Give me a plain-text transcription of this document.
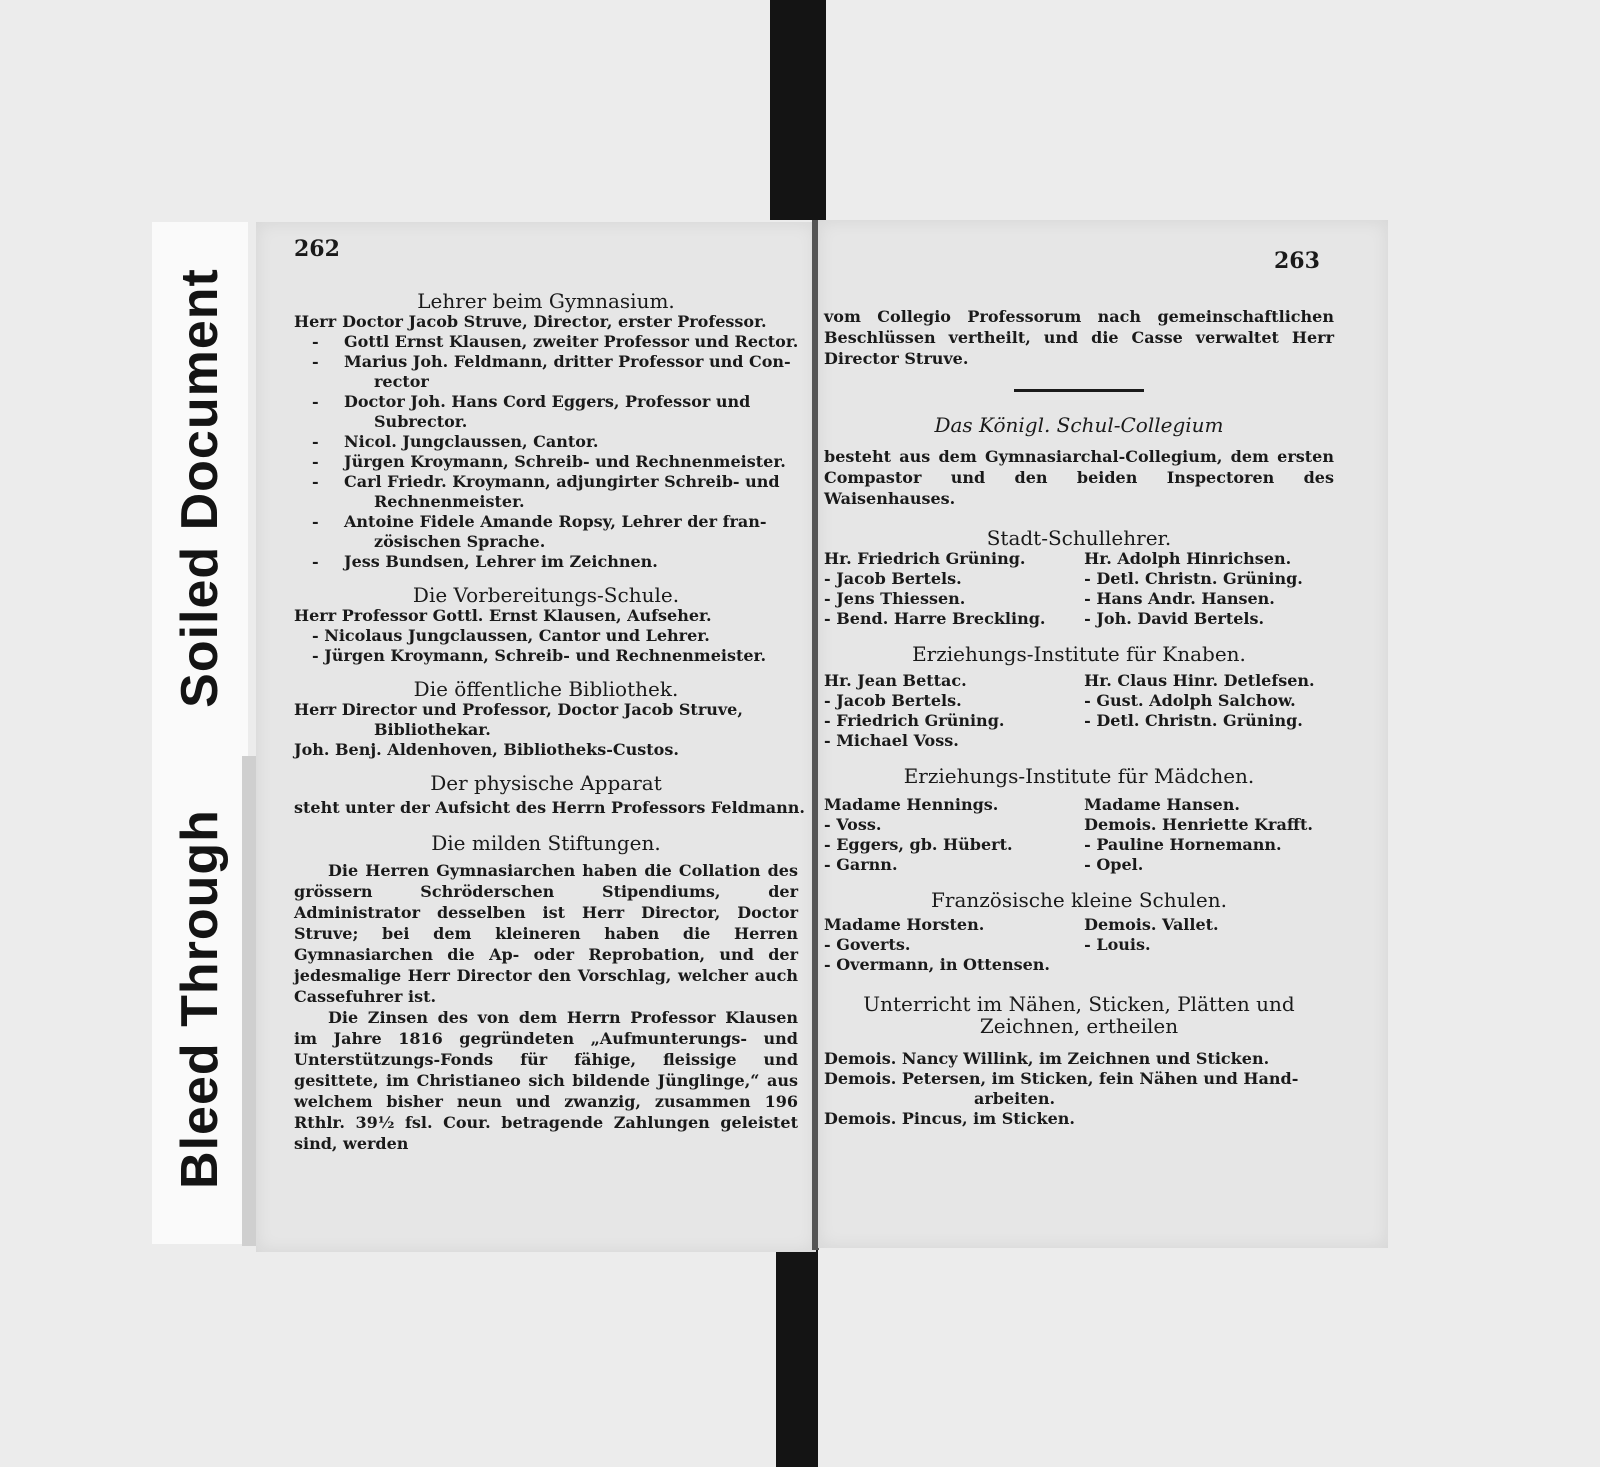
Soiled Document
Bleed Through
262

Lehrer beim Gymnasium.

Herr Doctor Jacob Struve, Director, erster Professor.
- Gottl Ernst Klausen, zweiter Professor und Rector.
- Marius Joh. Feldmann, dritter Professor und Con-
rector
- Doctor Joh. Hans Cord Eggers, Professor und
Subrector.
- Nicol. Jungclaussen, Cantor.
- Jürgen Kroymann, Schreib- und Rechnenmeister.
- Carl Friedr. Kroymann, adjungirter Schreib- und
Rechnenmeister.
- Antoine Fidele Amande Ropsy, Lehrer der fran-
zösischen Sprache.
- Jess Bundsen, Lehrer im Zeichnen.

Die Vorbereitungs-Schule.

Herr Professor Gottl. Ernst Klausen, Aufseher.
- Nicolaus Jungclaussen, Cantor und Lehrer.
- Jürgen Kroymann, Schreib- und Rechnenmeister.

Die öffentliche Bibliothek.

Herr Director und Professor, Doctor Jacob Struve,
Bibliothekar.
Joh. Benj. Aldenhoven, Bibliotheks-Custos.

Der physische Apparat

steht unter der Aufsicht des Herrn Professors Feldmann.

Die milden Stiftungen.

Die Herren Gymnasiarchen haben die Collation des grössern Schröderschen Stipendiums, der Administrator desselben ist Herr Director, Doctor Struve; bei dem kleineren haben die Herren Gymnasiarchen die Ap- oder Reprobation, und der jedesmalige Herr Director den Vorschlag, welcher auch Cassefuhrer ist.
Die Zinsen des von dem Herrn Professor Klausen im Jahre 1816 gegründeten „Aufmunterungs- und Unterstützungs-Fonds für fähige, fleissige und gesittete, im Christianeo sich bildende Jünglinge,“ aus welchem bisher neun und zwanzig, zusammen 196 Rthlr. 39½ fsl. Cour. betragende Zahlungen geleistet sind, werden
263
vom Collegio Professorum nach gemeinschaftlichen Beschlüssen vertheilt, und die Casse verwaltet Herr Director Struve.

Das Königl. Schul-Collegium

besteht aus dem Gymnasiarchal-Collegium, dem ersten Compastor und den beiden Inspectoren des Waisenhauses.

Stadt-Schullehrer.

Hr. Friedrich Grüning.
- Jacob Bertels.
- Jens Thiessen.
- Bend. Harre Breckling.
Hr. Adolph Hinrichsen.
- Detl. Christn. Grüning.
- Hans Andr. Hansen.
- Joh. David Bertels.

Erziehungs-Institute für Knaben.

Hr. Jean Bettac.
- Jacob Bertels.
- Friedrich Grüning.
- Michael Voss.
Hr. Claus Hinr. Detlefsen.
- Gust. Adolph Salchow.
- Detl. Christn. Grüning.

Erziehungs-Institute für Mädchen.

Madame Hennings.
- Voss.
- Eggers, gb. Hübert.
- Garnn.
Madame Hansen.
Demois. Henriette Krafft.
- Pauline Hornemann.
- Opel.

Französische kleine Schulen.

Madame Horsten.
- Goverts.
- Overmann, in Ottensen.
Demois. Vallet.
- Louis.

Unterricht im Nähen, Sticken, Plätten und

Zeichnen, ertheilen

Demois. Nancy Willink, im Zeichnen und Sticken.
Demois. Petersen, im Sticken, fein Nähen und Hand-
arbeiten.
Demois. Pincus, im Sticken.
